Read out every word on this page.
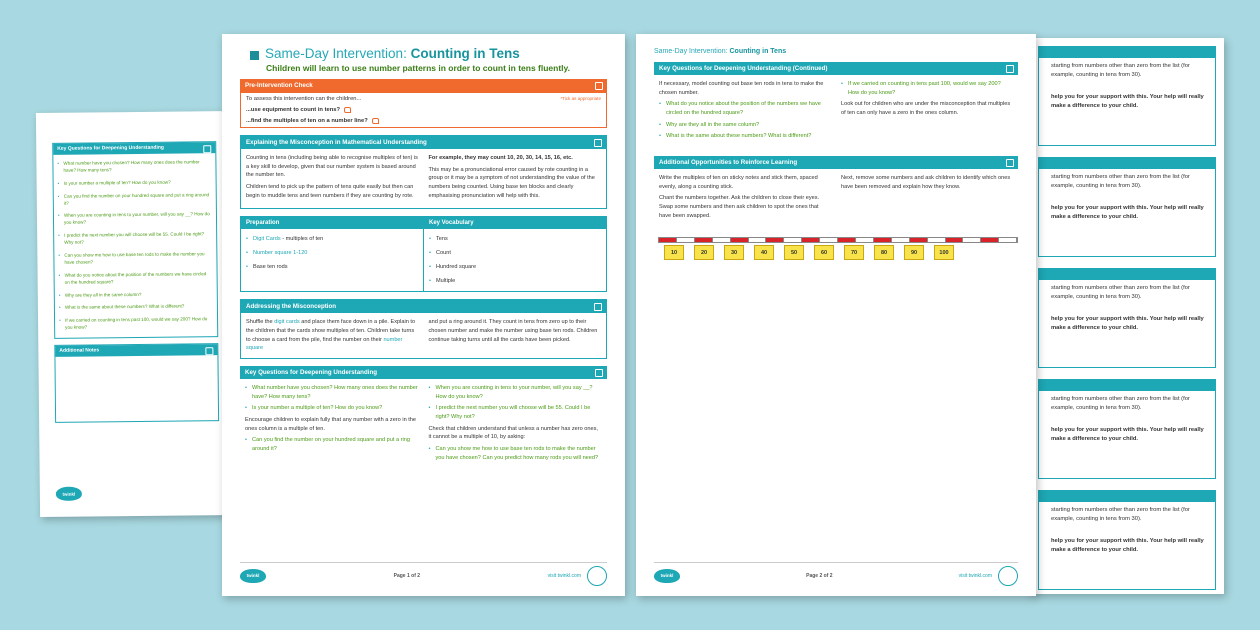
Key Questions for Deepening Understanding
• What number have you chosen? How many ones does the number have? How many tens?
• Is your number a multiple of ten? How do you know?
• Can you find the number on your hundred square and put a ring around it?
• When you are counting in tens to your number, will you say __? How do you know?
• I predict the next number you will choose will be 55. Could I be right? Why not?
• Can you show me how to use base ten rods to make the number you have chosen?
• What do you notice about the position of the numbers we have circled on the hundred square?
• Why are they all in the same column?
• What is the same about these numbers? What is different?
• If we carried on counting in tens past 100, would we say 200? How do you know?
Additional Notes
twinkl
starting from numbers other than zero from the list (for example, counting in tens from 30).
help you for your support with this. Your help will really make a difference to your child.
starting from numbers other than zero from the list (for example, counting in tens from 30).
help you for your support with this. Your help will really make a difference to your child.
starting from numbers other than zero from the list (for example, counting in tens from 30).
help you for your support with this. Your help will really make a difference to your child.
starting from numbers other than zero from the list (for example, counting in tens from 30).
help you for your support with this. Your help will really make a difference to your child.
starting from numbers other than zero from the list (for example, counting in tens from 30).
help you for your support with this. Your help will really make a difference to your child.
Same-Day Intervention: Counting in Tens
Children will learn to use number patterns in order to count in tens fluently.
Pre-Intervention Check
To assess this intervention can the children...	*Tick as appropriate
...use equipment to count in tens?
...find the multiples of ten on a number line?
Explaining the Misconception in Mathematical Understanding

Counting in tens (including being able to recognise multiples of ten) is a key skill to develop, given that our number system is based around the number ten.

Children tend to pick up the pattern of tens quite easily but then can begin to muddle tens and teen numbers if they are counting by rote.

For example, they may count 10, 20, 30, 14, 15, 16, etc.

This may be a pronunciational error caused by rote counting in a group or it may be a symptom of not understanding the value of the numbers being counted. Using base ten blocks and clearly emphasising pronunciation will help with this.

Preparation
• Digit Cards - multiples of ten
• Number square 1-120
• Base ten rods
Key Vocabulary
• Tens
• Count
• Hundred square
• Multiple
Addressing the Misconception
Shuffle the digit cards and place them face down in a pile. Explain to the children that the cards show multiples of ten. Children take turns to choose a card from the pile, find the number on their number square
and put a ring around it. They count in tens from zero up to their chosen number and make the number using base ten rods. Children continue taking turns until all the cards have been picked.
Key Questions for Deepening Understanding
• What number have you chosen? How many ones does the number have? How many tens?
• Is your number a multiple of ten? How do you know?

Encourage children to explain fully that any number with a zero in the ones column is a multiple of ten.

• Can you find the number on your hundred square and put a ring around it?
• When you are counting in tens to your number, will you say __? How do you know?
• I predict the next number you will choose will be 55. Could I be right? Why not?

Check that children understand that unless a number has zero ones, it cannot be a multiple of 10, by asking:

• Can you show me how to use base ten rods to make the number you have chosen? Can you predict how many rods you will need?
twinkl	Page 1 of 2	visit twinkl.com
Same-Day Intervention: Counting in Tens
Key Questions for Deepening Understanding (Continued)

If necessary, model counting out base ten rods in tens to make the chosen number.

• What do you notice about the position of the numbers we have circled on the hundred square?
• Why are they all in the same column?
• What is the same about these numbers? What is different?
• If we carried on counting in tens past 100, would we say 200? How do you know?

Look out for children who are under the misconception that multiples of ten can only have a zero in the ones column.

Additional Opportunities to Reinforce Learning

Write the multiples of ten on sticky notes and stick them, spaced evenly, along a counting stick.

Chant the numbers together. Ask the children to close their eyes. Swap some numbers and then ask children to spot the ones that have been swapped.

Next, remove some numbers and ask children to identify which ones have been removed and explain how they know.

10	20	30	40	50	60	70	80	90	100
twinkl	Page 2 of 2	visit twinkl.com
